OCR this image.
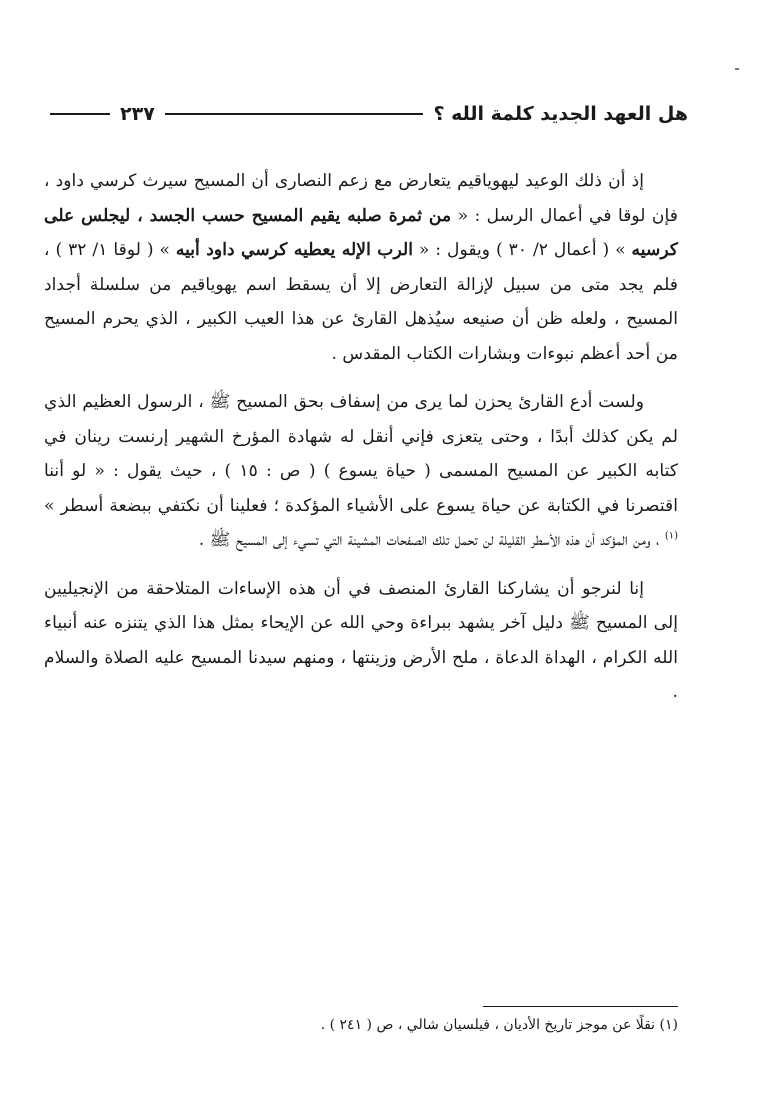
هل العهد الجديد كلمة الله ؟
٢٣٧

إذ أن ذلك الوعيد ليهوياقيم يتعارض مع زعم النصارى أن المسيح سيرث كرسي داود ، فإن لوقا في أعمال الرسل : « من ثمرة صلبه يقيم المسيح حسب الجسد ، ليجلس على كرسيه » ( أعمال ٢/ ٣٠ ) ويقول : « الرب الإله يعطيه كرسي داود أبيه » ( لوقا ١/ ٣٢ ) ، فلم يجد متى من سبيل لإزالة التعارض إلا أن يسقط اسم يهوياقيم من سلسلة أجداد المسيح ، ولعله ظن أن صنيعه سيُذهل القارئ عن هذا العيب الكبير ، الذي يحرم المسيح من أحد أعظم نبوءات وبشارات الكتاب المقدس .

ولست أدع القارئ يحزن لما يرى من إسفاف بحق المسيح ﷺ ، الرسول العظيم الذي لم يكن كذلك أبدًا ، وحتى يتعزى فإني أنقل له شهادة المؤرخ الشهير إرنست رينان في كتابه الكبير عن المسيح المسمى ( حياة يسوع ) ( ص : ١٥ ) ، حيث يقول : « لو أننا اقتصرنا في الكتابة عن حياة يسوع على الأشياء المؤكدة ؛ فعلينا أن نكتفي ببضعة أسطر » $^{(١)}$ ، ومن المؤكد أن هذه الأسطر القليلة لن تحمل تلك الصفحات المشينة التي تسيء إلى المسيح ﷺ .

إنا لنرجو أن يشاركنا القارئ المنصف في أن هذه الإساءات المتلاحقة من الإنجيليين إلى المسيح ﷺ دليل آخر يشهد ببراءة وحي الله عن الإيحاء بمثل هذا الذي يتنزه عنه أنبياء الله الكرام ، الهداة الدعاة ، ملح الأرض وزينتها ، ومنهم سيدنا المسيح عليه الصلاة والسلام .

(١) نقلًا عن موجز تاريخ الأديان ، فيلسيان شالي ، ص ( ٢٤١ ) .
